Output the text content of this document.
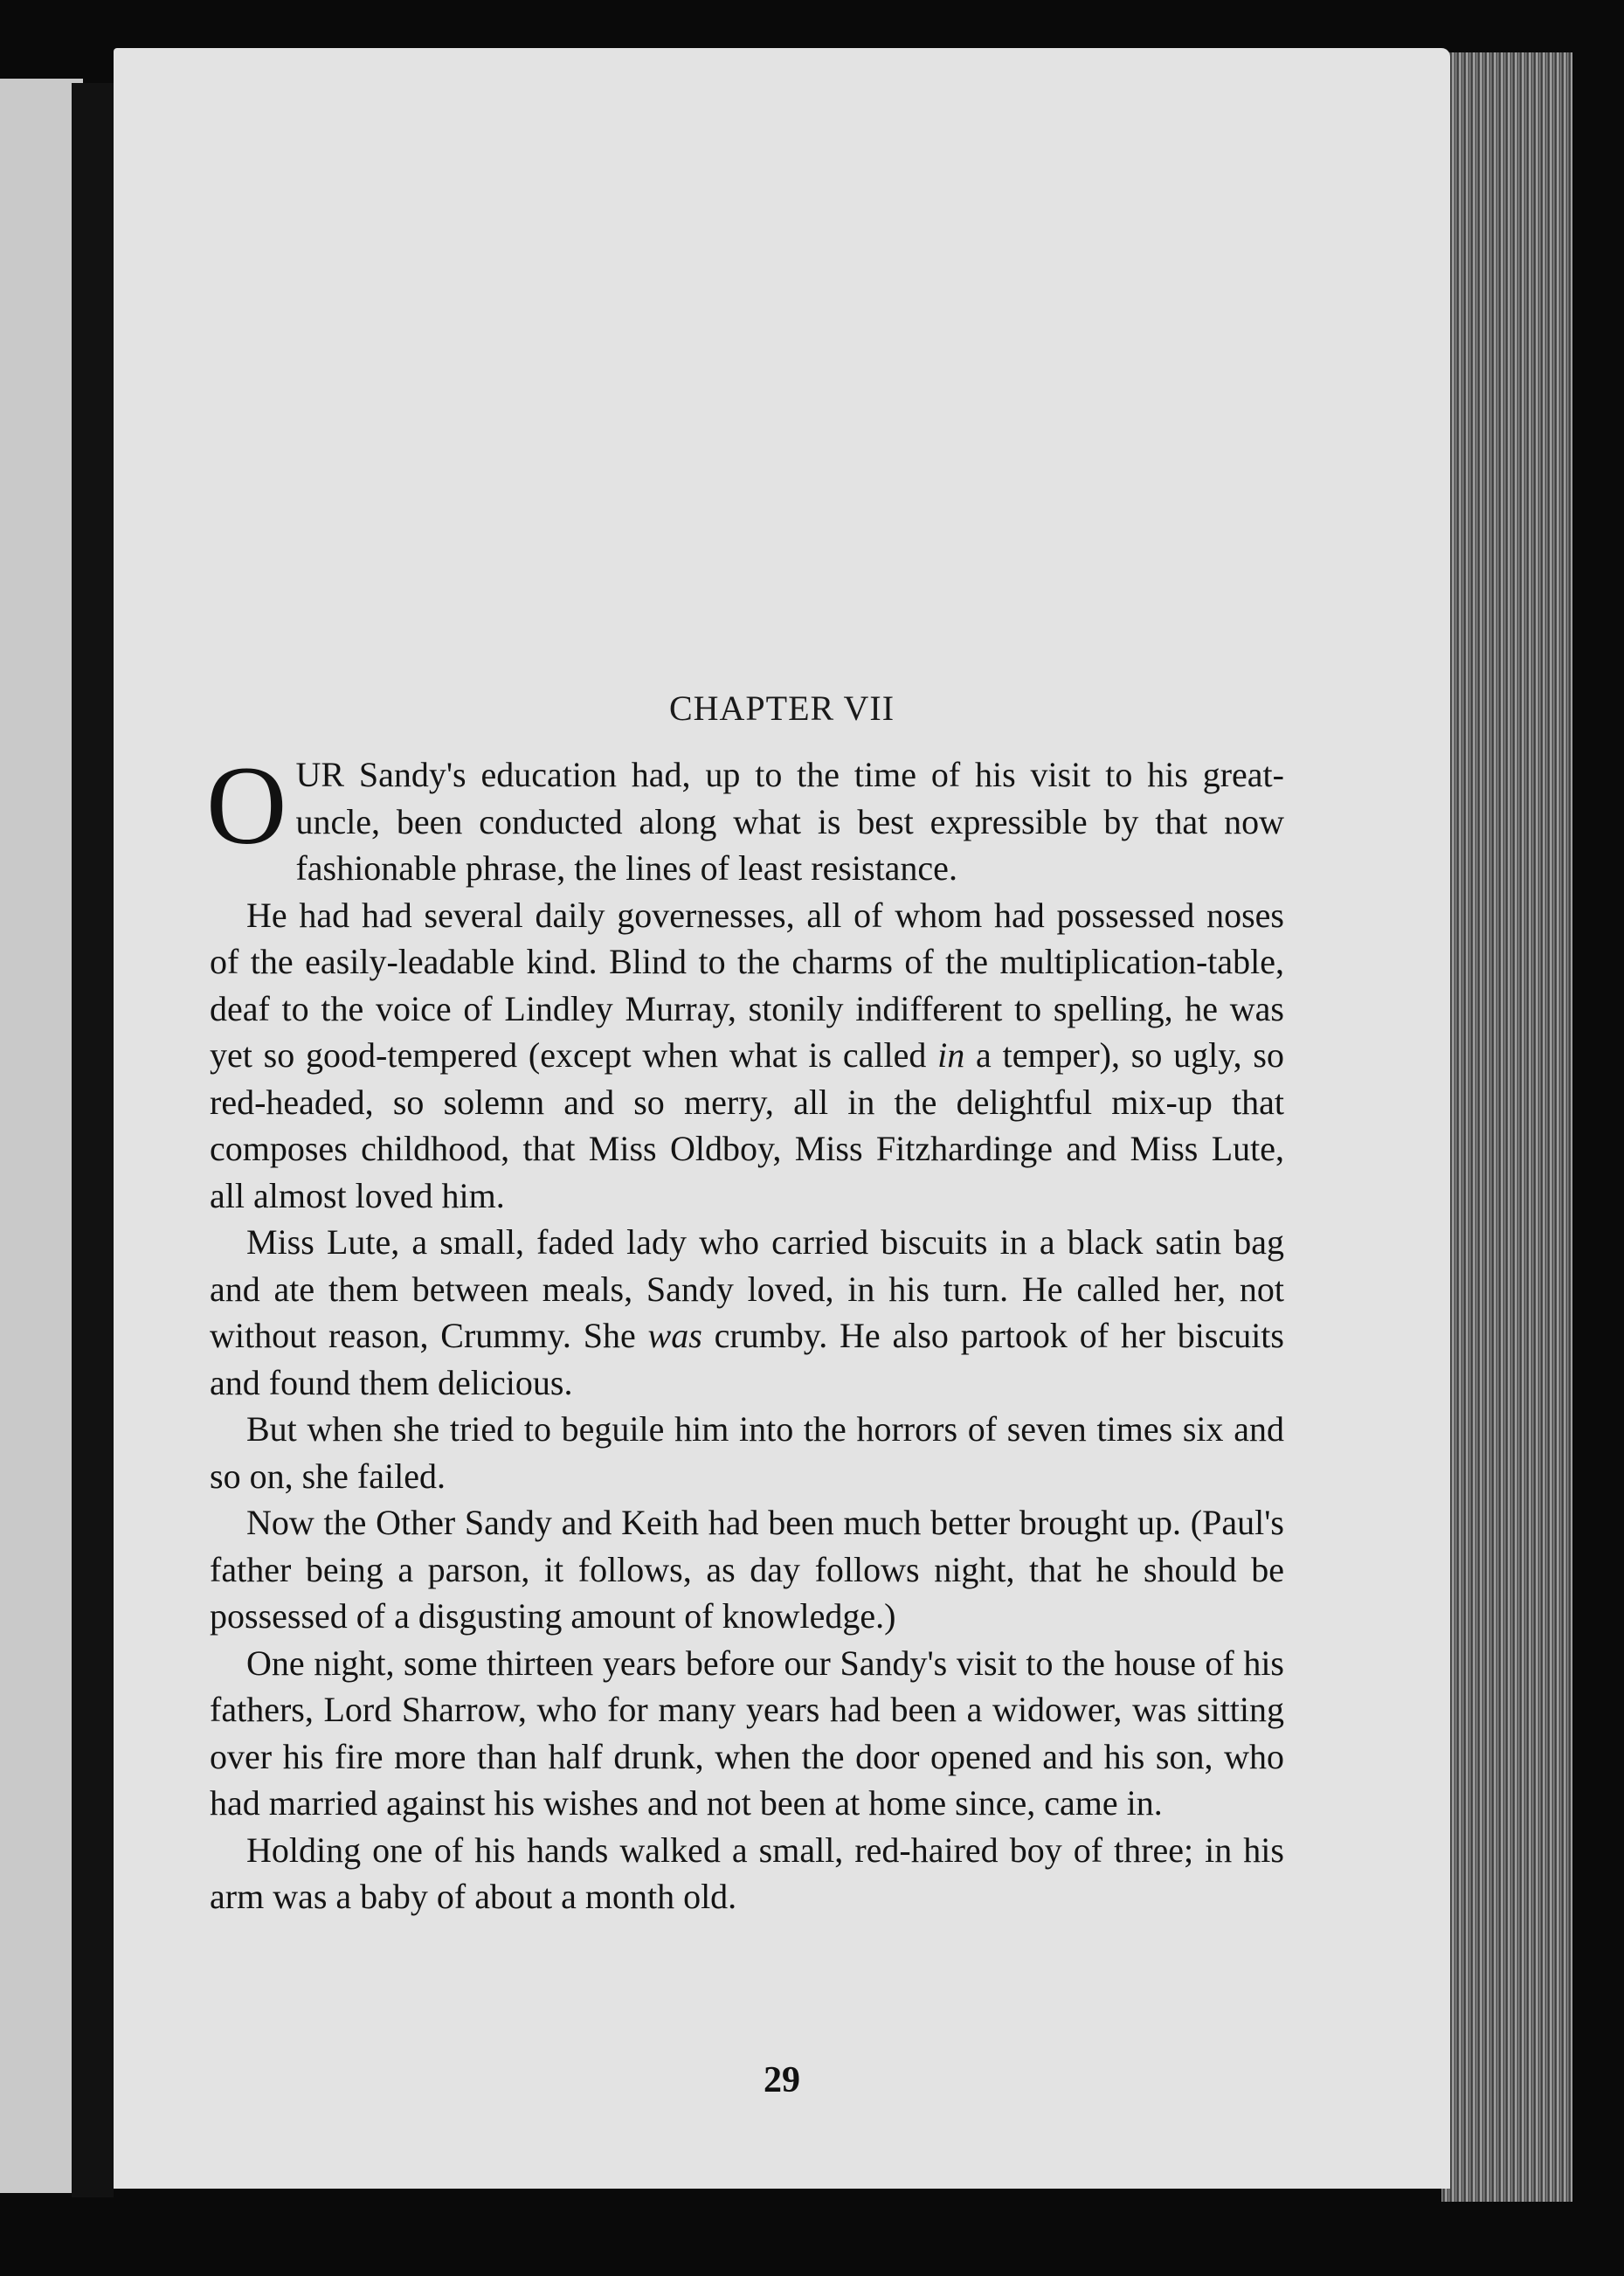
CHAPTER VII

OUR Sandy's education had, up to the time of his visit to his great-uncle, been conducted along what is best expressible by that now fashionable phrase, the lines of least resistance.

He had had several daily governesses, all of whom had possessed noses of the easily-leadable kind. Blind to the charms of the multiplication-table, deaf to the voice of Lindley Murray, stonily indifferent to spelling, he was yet so good-tempered (except when what is called in a temper), so ugly, so red-headed, so solemn and so merry, all in the delightful mix-up that composes childhood, that Miss Oldboy, Miss Fitzhardinge and Miss Lute, all almost loved him.

Miss Lute, a small, faded lady who carried biscuits in a black satin bag and ate them between meals, Sandy loved, in his turn. He called her, not without reason, Crummy. She was crumby. He also partook of her biscuits and found them delicious.

But when she tried to beguile him into the horrors of seven times six and so on, she failed.

Now the Other Sandy and Keith had been much better brought up. (Paul's father being a parson, it follows, as day follows night, that he should be possessed of a disgusting amount of knowledge.)

One night, some thirteen years before our Sandy's visit to the house of his fathers, Lord Sharrow, who for many years had been a widower, was sitting over his fire more than half drunk, when the door opened and his son, who had married against his wishes and not been at home since, came in.

Holding one of his hands walked a small, red-haired boy of three; in his arm was a baby of about a month old.

29
